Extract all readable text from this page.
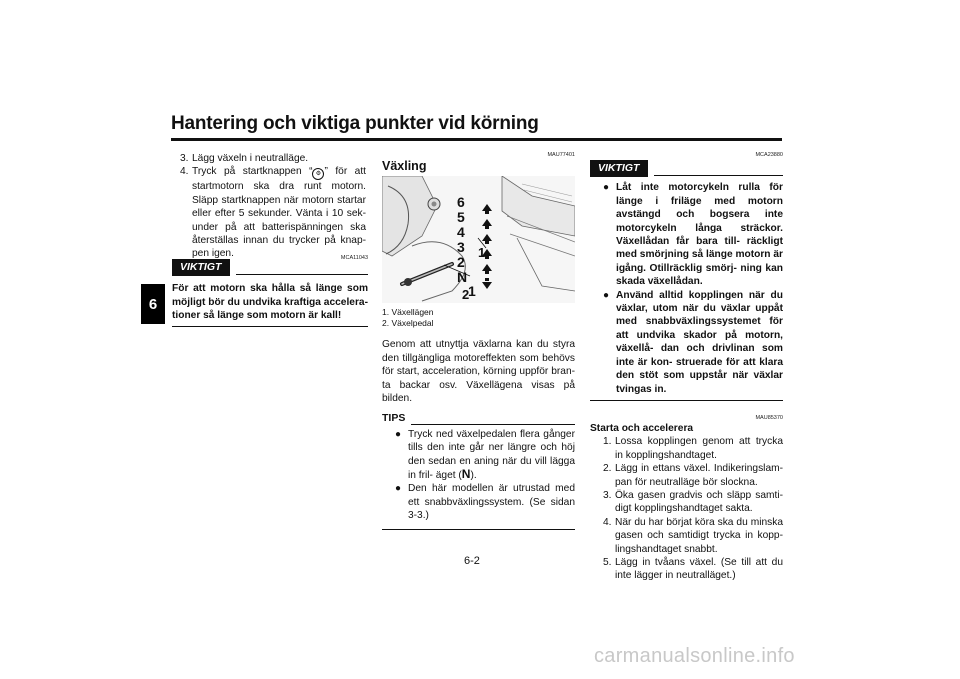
Hantering och viktiga punkter vid körning
6
3. Lägg växeln i neutralläge.
4. Tryck på startknappen “ ⚙ ” för att startmotorn ska dra runt motorn. Släpp startknappen när motorn startar eller efter 5 sekunder. Vänta i 10 sek- under på att batterispänningen ska återställas innan du trycker på knap- pen igen.	MCA11043
VIKTIGT
För att motorn ska hålla så länge som möjligt bör du undvika kraftiga accelera- tioner så länge som motorn är kall!
MAU77401
Växling
6
5
4
3
2
N
1
1
2
1. Växellägen
2. Växelpedal
Genom att utnyttja växlarna kan du styra den tillgängliga motoreffekten som behövs för start, acceleration, körning uppför bran- ta backar osv. Växellägena visas på bilden.
TIPS
● Tryck ned växelpedalen flera gånger tills den inte går ner längre och höj den sedan en aning när du vill lägga in fril- äget (N).
● Den här modellen är utrustad med ett snabbväxlingssystem. (Se sidan 3-3.)
MCA23880
VIKTIGT
● Låt inte motorcykeln rulla för länge i friläge med motorn avstängd och bogsera inte motorcykeln långa sträckor. Växellådan får bara till- räckligt med smörjning så länge motorn är igång. Otillräcklig smörj- ning kan skada växellådan.
● Använd alltid kopplingen när du växlar, utom när du växlar uppåt med snabbväxlingssystemet för att undvika skador på motorn, växellå- dan och drivlinan som inte är kon- struerade för att klara den stöt som uppstår när växlar tvingas in.
MAU85370
Starta och accelerera
1. Lossa kopplingen genom att trycka in kopplingshandtaget.
2. Lägg in ettans växel. Indikeringslam- pan för neutralläge bör slockna.
3. Öka gasen gradvis och släpp samti- digt kopplingshandtaget sakta.
4. När du har börjat köra ska du minska gasen och samtidigt trycka in kopp- lingshandtaget snabbt.
5. Lägg in tvåans växel. (Se till att du inte lägger in neutralläget.)
6-2
carmanualsonline.info
